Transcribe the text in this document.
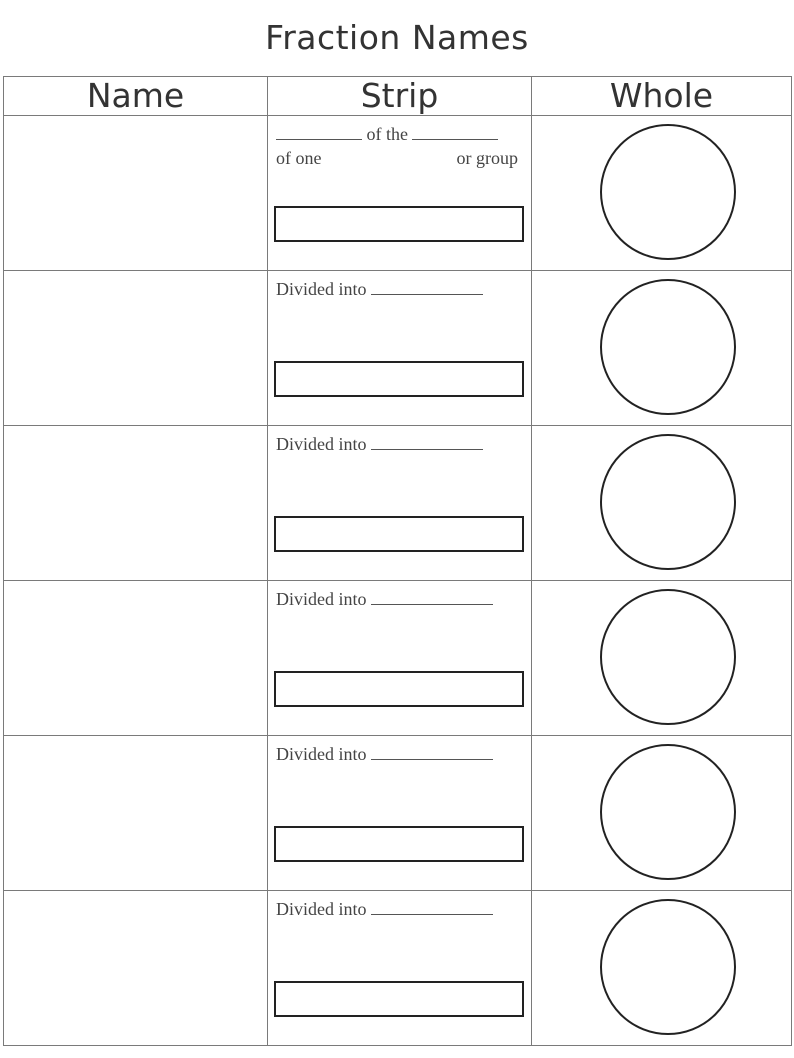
Fraction Names
Name	Strip	Whole

	of the
of one or group	

	Divided into	

	Divided into	

	Divided into	

	Divided into	

	Divided into	
